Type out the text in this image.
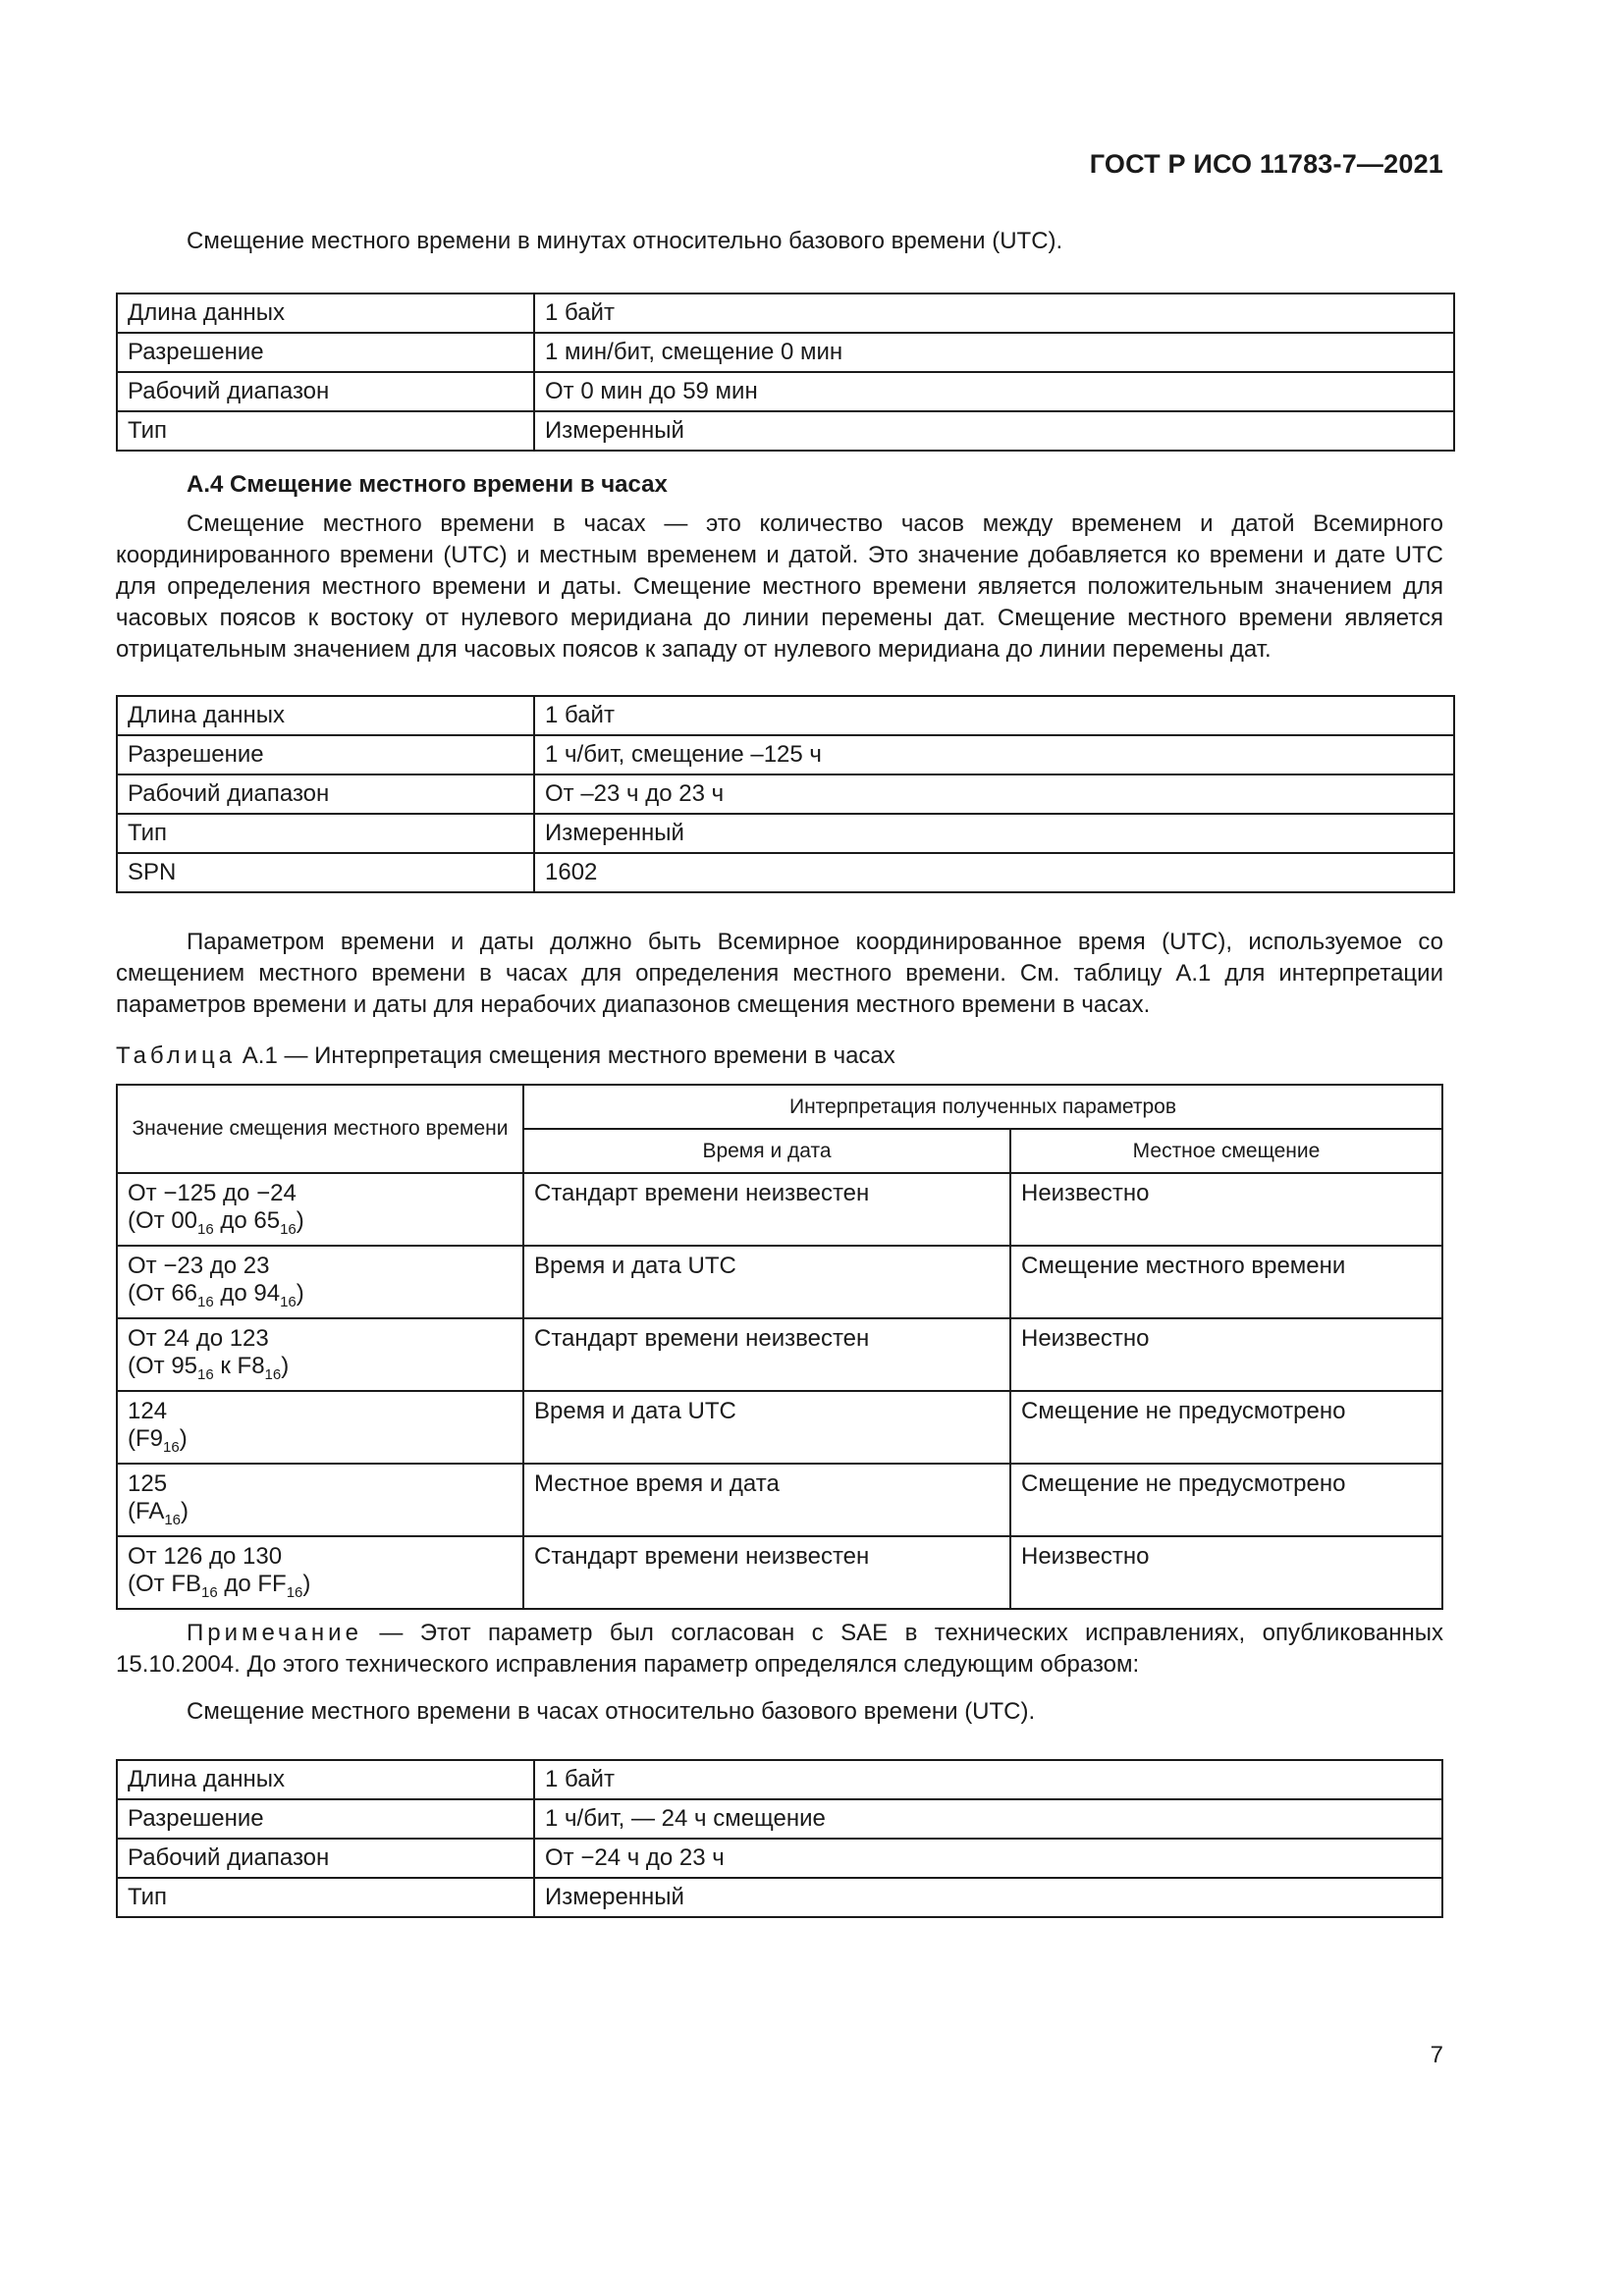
ГОСТ Р ИСО 11783-7—2021

Смещение местного времени в минутах относительно базового времени (UTC).

Длина данных	1 байт
Разрешение	1 мин/бит, смещение 0 мин
Рабочий диапазон	От 0 мин до 59 мин
Тип	Измеренный
А.4 Смещение местного времени в часах

Смещение местного времени в часах — это количество часов между временем и датой Всемирного координированного времени (UTC) и местным временем и датой. Это значение добавляется ко времени и дате UTC для определения местного времени и даты. Смещение местного времени является положительным значением для часовых поясов к востоку от нулевого меридиана до линии перемены дат. Смещение местного времени является отрицательным значением для часовых поясов к западу от нулевого меридиана до линии перемены дат.

Длина данных	1 байт
Разрешение	1 ч/бит, смещение –125 ч
Рабочий диапазон	От –23 ч до 23 ч
Тип	Измеренный
SPN	1602

Параметром времени и даты должно быть Всемирное координированное время (UTC), используемое со смещением местного времени в часах для определения местного времени. См. таблицу А.1 для интерпретации параметров времени и даты для нерабочих диапазонов смещения местного времени в часах.

Таблица А.1 — Интерпретация смещения местного времени в часах
Значение смещения местного времени	Интерпретация полученных параметров	
	Время и дата	Местное смещение
От −125 до −24
(От $00_{16}$ до $65_{16}$)	Стандарт времени неизвестен	Неизвестно
От −23 до 23
(От $66_{16}$ до $94_{16}$)	Время и дата UTC	Смещение местного времени
От 24 до 123
(От $95_{16}$ к $F8_{16}$)	Стандарт времени неизвестен	Неизвестно
124
$(F9_{16})$	Время и дата UTC	Смещение не предусмотрено
125
$(FA_{16})$	Местное время и дата	Смещение не предусмотрено
От 126 до 130
(От $FB_{16}$ до $FF_{16}$)	Стандарт времени неизвестен	Неизвестно

Примечание — Этот параметр был согласован с SAE в технических исправлениях, опубликованных 15.10.2004. До этого технического исправления параметр определялся следующим образом:

Смещение местного времени в часах относительно базового времени (UTC).

Длина данных	1 байт
Разрешение	1 ч/бит, — 24 ч смещение
Рабочий диапазон	От −24 ч до 23 ч
Тип	Измеренный
7
